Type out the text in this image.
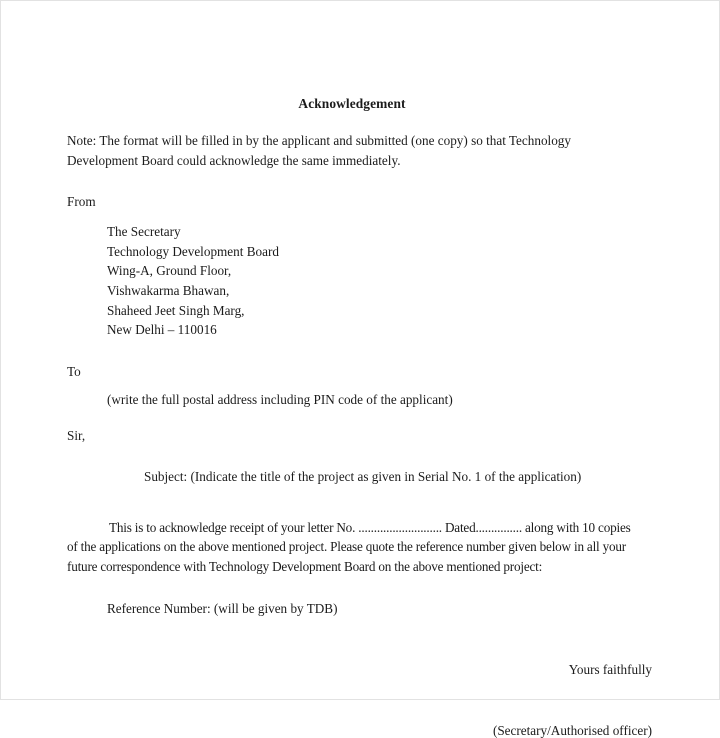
Acknowledgement

Note: The format will be filled in by the applicant and submitted (one copy) so that Technology Development Board could acknowledge the same immediately.

From

The Secretary

Technology Development Board

Wing-A, Ground Floor,

Vishwakarma Bhawan,

Shaheed Jeet Singh Marg,

New Delhi – 110016

To

(write the full postal address including PIN code of the applicant)

Sir,

Subject: (Indicate the title of the project as given in Serial No. 1 of the application)

This is to acknowledge receipt of your letter No. ........................... Dated............... along with 10 copies of the applications on the above mentioned project. Please quote the reference number given below in all your future correspondence with Technology Development Board on the above mentioned project:

Reference Number: (will be given by TDB)

Yours faithfully

(Secretary/Authorised officer)
